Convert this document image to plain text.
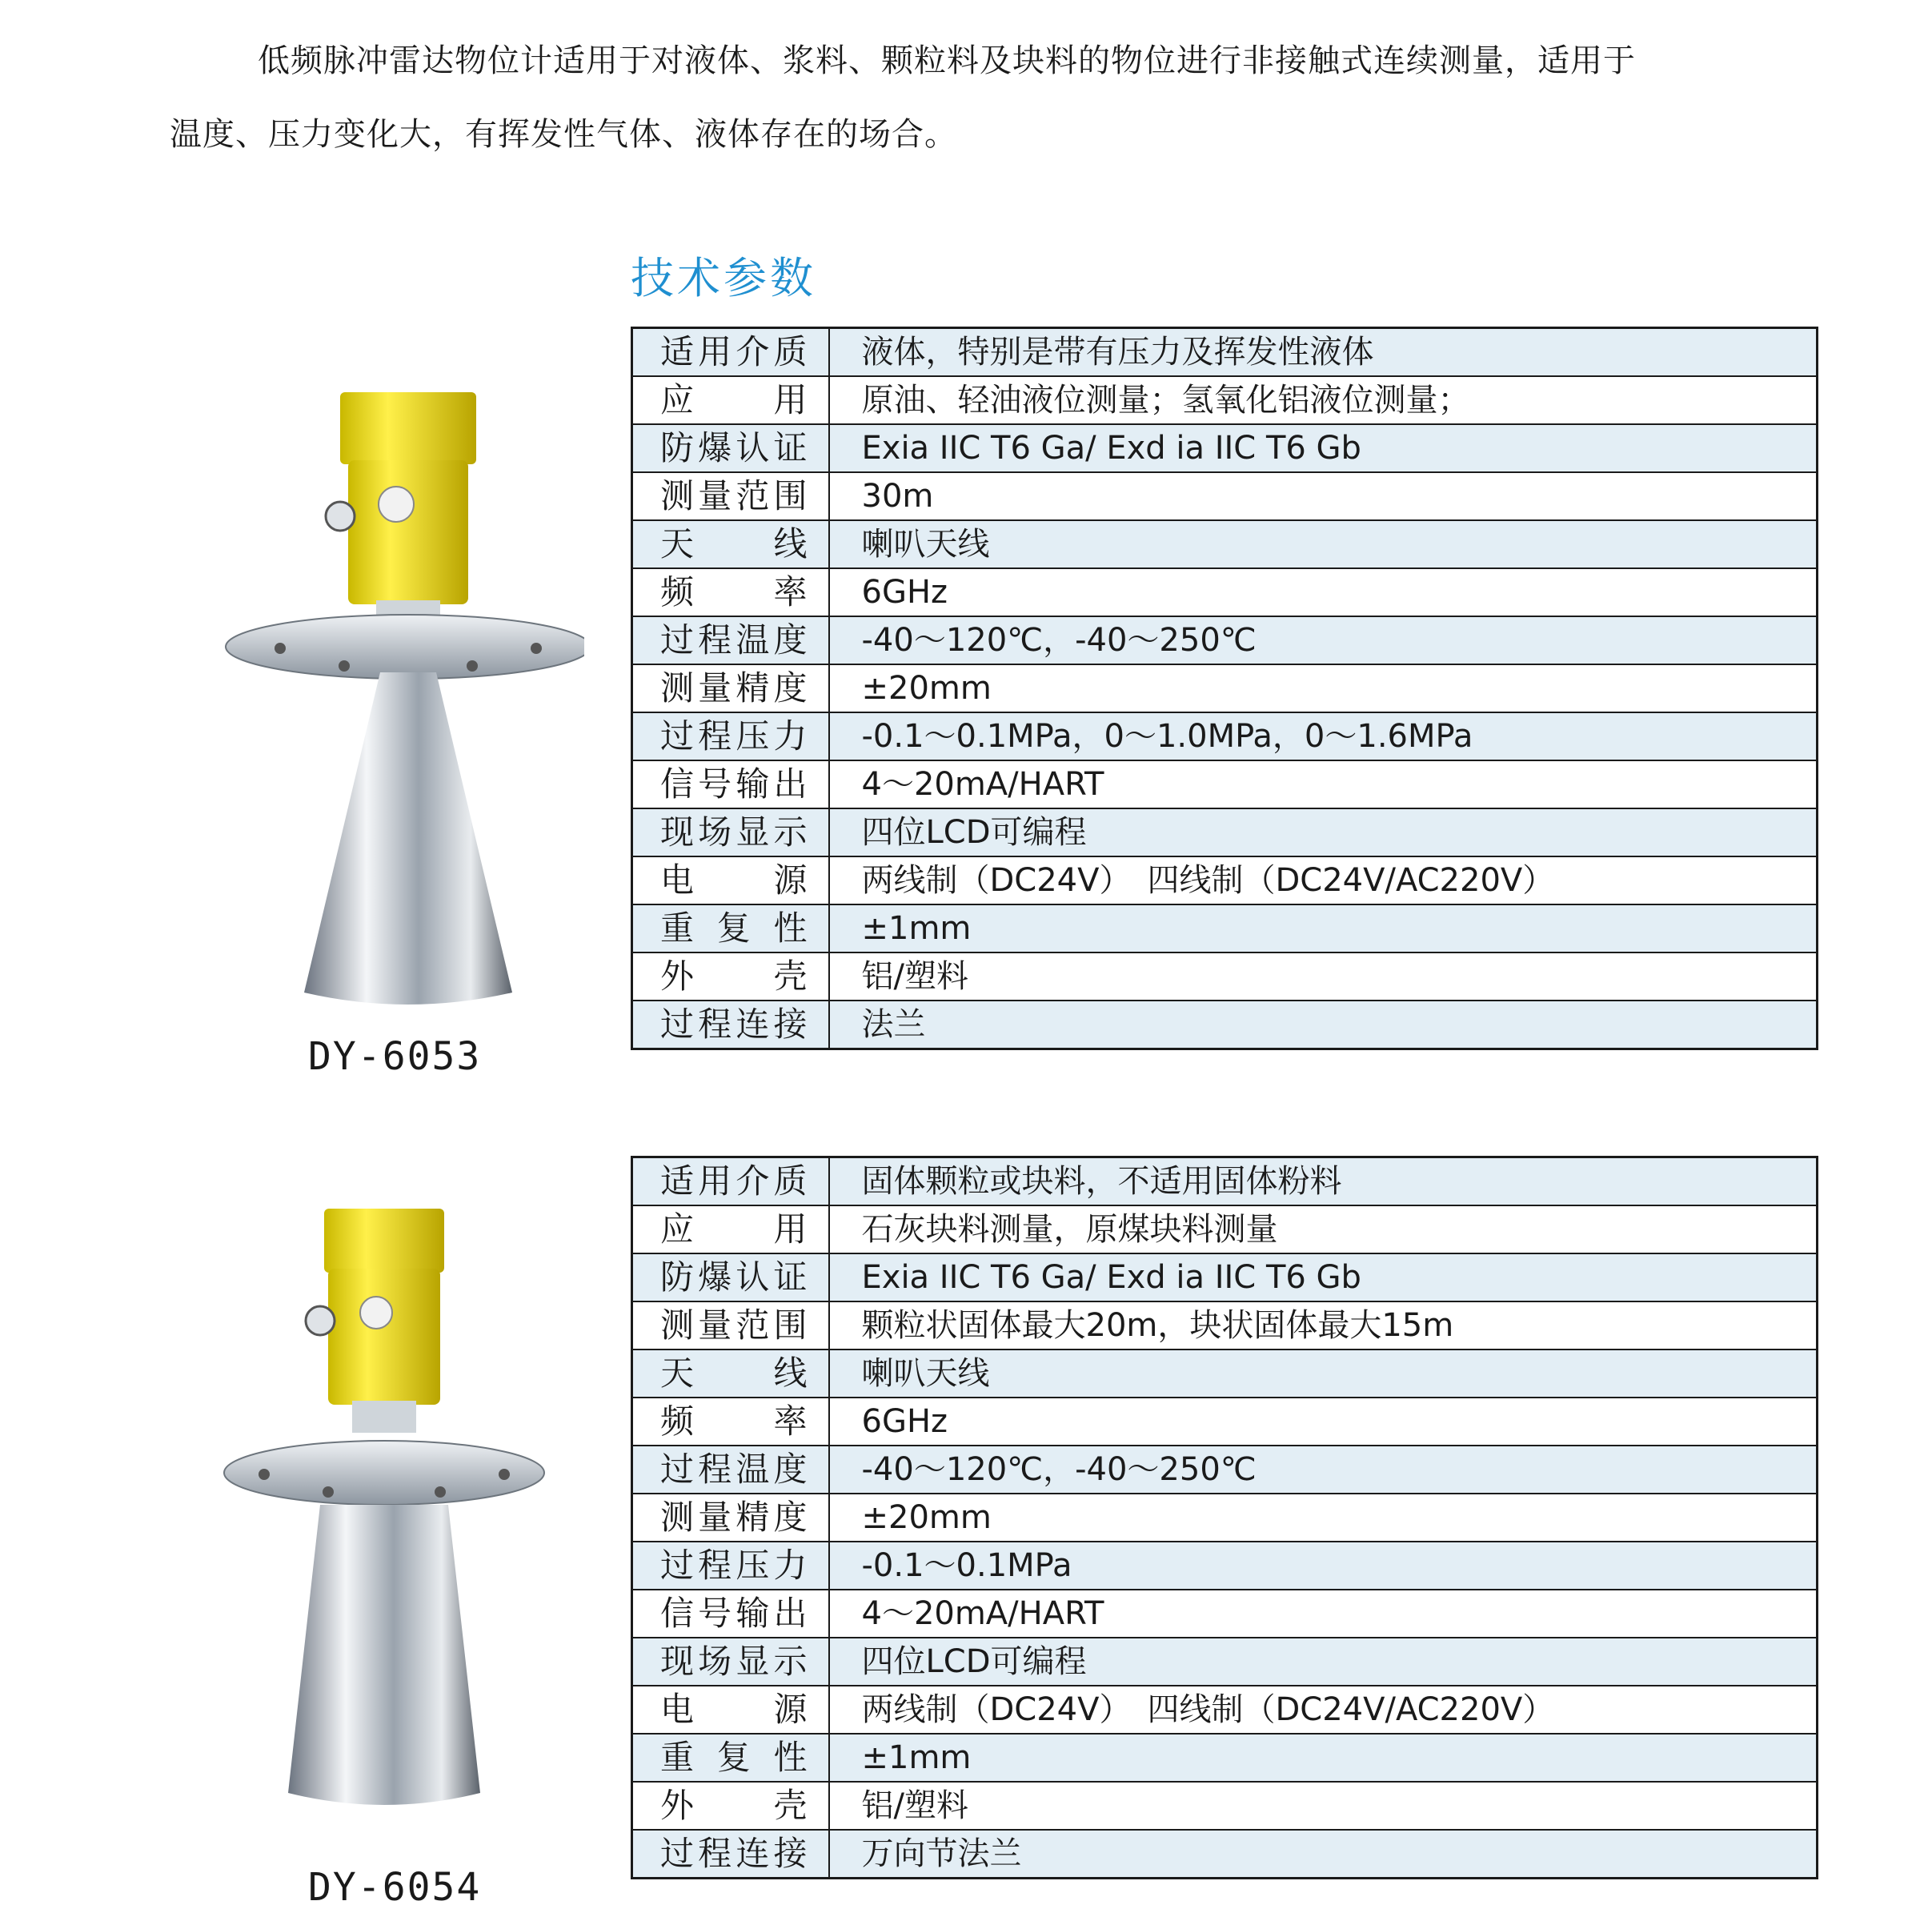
低频脉冲雷达物位计适用于对液体、浆料、颗粒料及块料的物位进行非接触式连续测量，适用于
温度、压力变化大，有挥发性气体、液体存在的场合。
技术参数
DY-6053
DY-6054
适用介质	液体，特别是带有压力及挥发性液体
应　　用	原油、轻油液位测量；氢氧化铝液位测量；
防爆认证	Exia IIC T6 Ga/ Exd ia IIC T6 Gb
测量范围	30m
天　　线	喇叭天线
频　　率	6GHz
过程温度	-40～120℃，-40～250℃
测量精度	±20mm
过程压力	-0.1～0.1MPa，0～1.0MPa，0～1.6MPa
信号输出	4～20mA/HART
现场显示	四位LCD可编程
电　　源	两线制（DC24V）　四线制（DC24V/AC220V）
重 复 性	±1mm
外　　壳	铝/塑料
过程连接	法兰
适用介质	固体颗粒或块料，不适用固体粉料
应　　用	石灰块料测量，原煤块料测量
防爆认证	Exia IIC T6 Ga/ Exd ia IIC T6 Gb
测量范围	颗粒状固体最大20m，块状固体最大15m
天　　线	喇叭天线
频　　率	6GHz
过程温度	-40～120℃，-40～250℃
测量精度	±20mm
过程压力	-0.1～0.1MPa
信号输出	4～20mA/HART
现场显示	四位LCD可编程
电　　源	两线制（DC24V）　四线制（DC24V/AC220V）
重 复 性	±1mm
外　　壳	铝/塑料
过程连接	万向节法兰
